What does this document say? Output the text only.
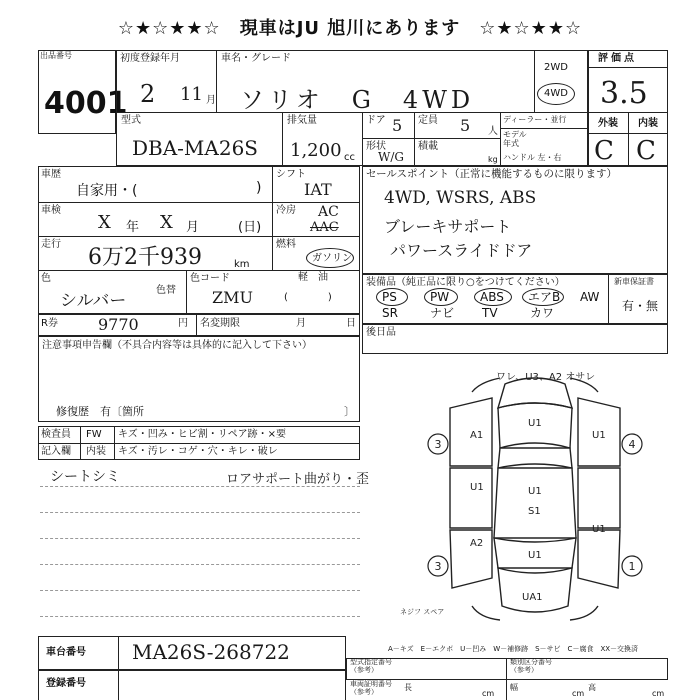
☆★☆★★☆　現車はJU 旭川にあります　☆★☆★★☆
出品番号
4001
初度登録年月
2 11 月
車名・グレード
ソリオ　G　4WD
2WD
4WD
評価点
3.5
外装 内装
C C
型式
DBA-MA26S
排気量
1,200 cc
ドア 5 定員 5 人
形状
W/G
積載
kg
ディーラー・並行
モデル
年式
ハンドル 左・右
車歴
自家用・(	)
車検
X 年 X 月	(日)
走行
6万2千939	km
シフト
IAT
冷房 AC
AAC
燃料
ガソリン
軽　油
(　　　　)
色
シルバー
色替
色コード
ZMU
R券	9770	円 名変期限	月	日
注意事項申告欄（不具合内容等は具体的に記入して下さい）
修復歴　有〔箇所	〕
検査員 FW キズ・凹み・ヒビ割・リペア跡・×要
記入欄 内装 キズ・汚レ・コゲ・穴・キレ・破レ
シートシミ	ロアサポート曲がり・歪
セールスポイント（正常に機能するものに限ります）
4WD, WSRS, ABS
ブレーキサポート
パワースライドドア
装備品（純正品に限り○をつけてください）	新車保証書
有・無
PS	PW	ABS エアB AW
SR	ナビ TV	カワ
後日品
ワレ、U3、A2 オサレ
U1
U1
A1
U1	U1
S1
U1
U1
A2
UA1
ネジフ スペア
3	4
3	1
A－キズ　E－エクボ　U－凹み　W－補修跡　S－サビ　C－腐食　XX－交換済
車台番号 MA26S-268722
登録番号
型式指定番号
（参考）
類別区分番号
（参考）
車両証明番号
（参考）	長
cm
幅
cm
高
cm
